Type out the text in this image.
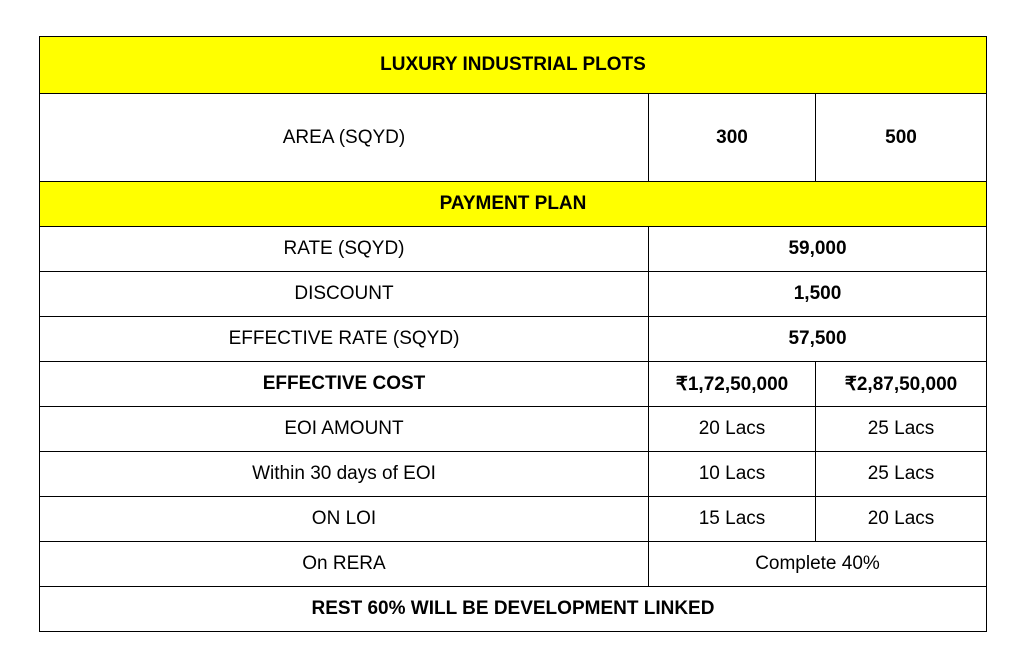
LUXURY INDUSTRIAL PLOTS		
AREA (SQYD)	300	500
PAYMENT PLAN		
RATE (SQYD)	59,000	
DISCOUNT	1,500	
EFFECTIVE RATE (SQYD)	57,500	
EFFECTIVE COST	₹1,72,50,000	₹2,87,50,000
EOI AMOUNT	20 Lacs	25 Lacs
Within 30 days of EOI	10 Lacs	25 Lacs
ON LOI	15 Lacs	20 Lacs
On RERA	Complete 40%	
REST 60% WILL BE DEVELOPMENT LINKED		
